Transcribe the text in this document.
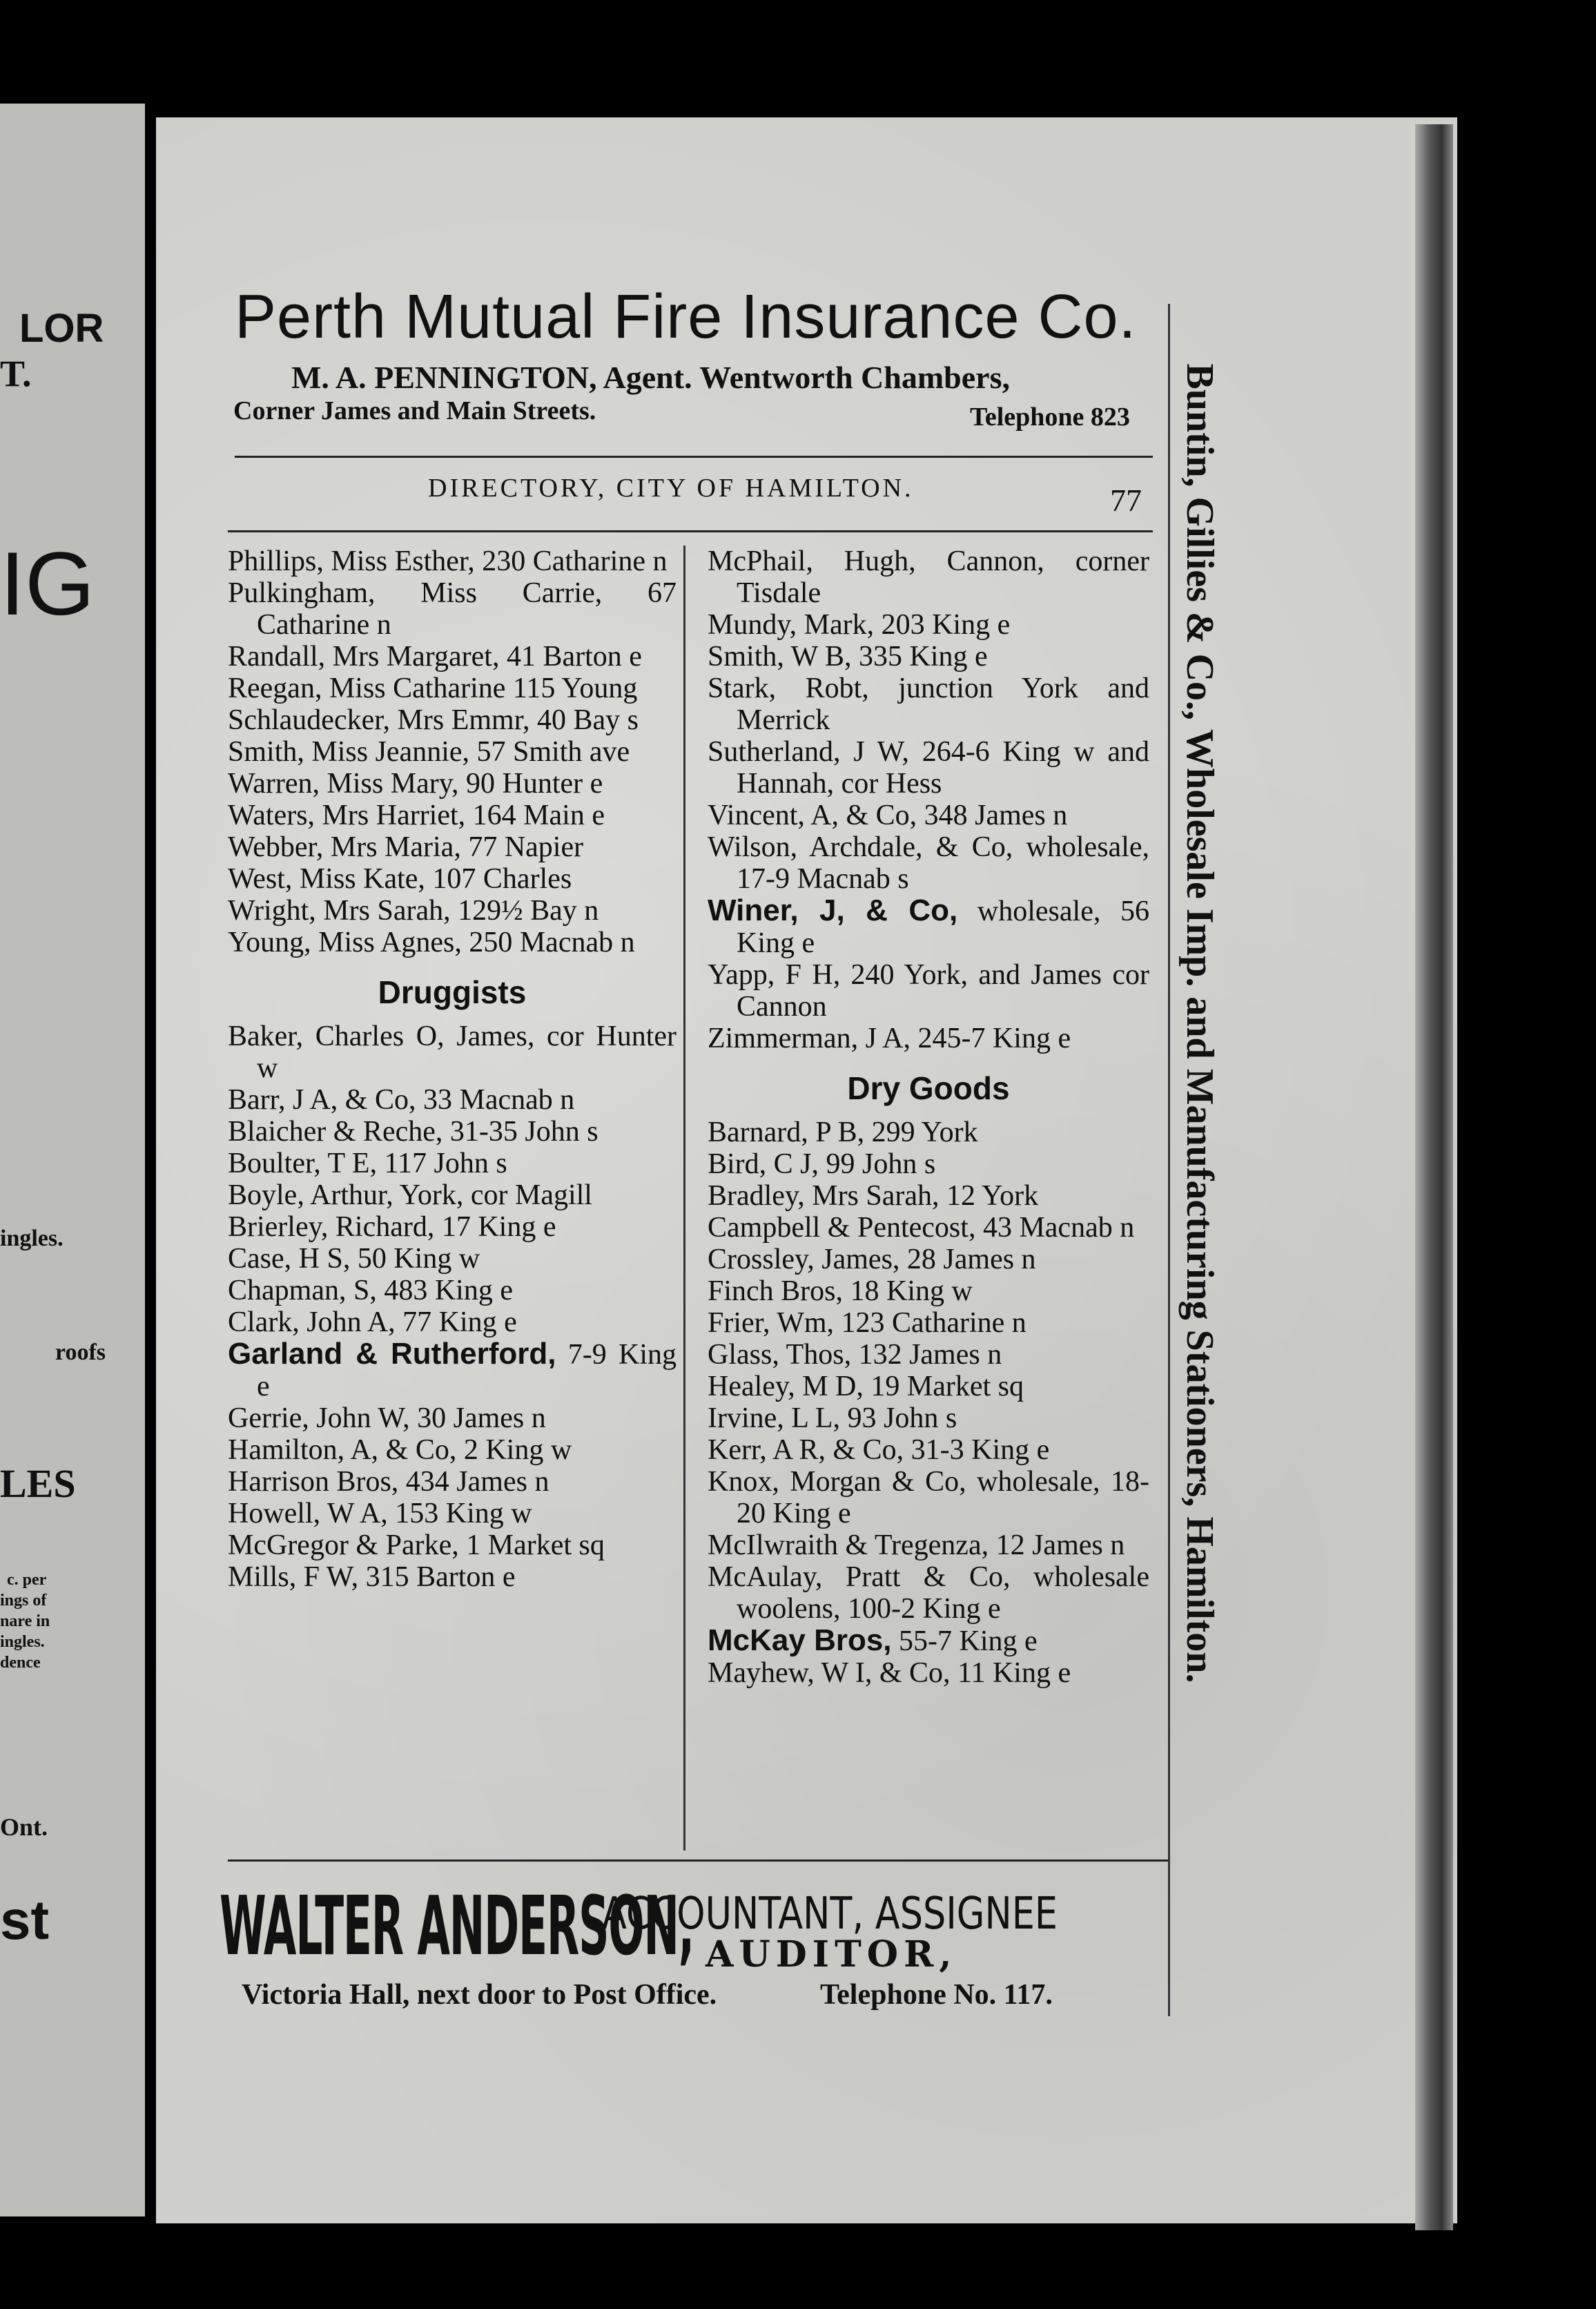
LOR
T.
IG
ingles.
roofs
LES
c. per
ings of
nare in
ingles.
dence
Ont.
st
Perth Mutual Fire Insurance Co.
M. A. PENNINGTON, Agent. Wentworth Chambers,
Corner James and Main Streets.	Telephone 823
DIRECTORY, CITY OF HAMILTON.	77
Phillips, Miss Esther, 230 Catharine n
Pulkingham, Miss Carrie, 67 Catharine n
Randall, Mrs Margaret, 41 Barton e
Reegan, Miss Catharine 115 Young
Schlaudecker, Mrs Emmr, 40 Bay s
Smith, Miss Jeannie, 57 Smith ave
Warren, Miss Mary, 90 Hunter e
Waters, Mrs Harriet, 164 Main e
Webber, Mrs Maria, 77 Napier
West, Miss Kate, 107 Charles
Wright, Mrs Sarah, 129½ Bay n
Young, Miss Agnes, 250 Macnab n
Druggists
Baker, Charles O, James, cor Hunter w
Barr, J A, & Co, 33 Macnab n
Blaicher & Reche, 31-35 John s
Boulter, T E, 117 John s
Boyle, Arthur, York, cor Magill
Brierley, Richard, 17 King e
Case, H S, 50 King w
Chapman, S, 483 King e
Clark, John A, 77 King e
Garland & Rutherford, 7-9 King e
Gerrie, John W, 30 James n
Hamilton, A, & Co, 2 King w
Harrison Bros, 434 James n
Howell, W A, 153 King w
McGregor & Parke, 1 Market sq
Mills, F W, 315 Barton e
McPhail, Hugh, Cannon, corner Tisdale
Mundy, Mark, 203 King e
Smith, W B, 335 King e
Stark, Robt, junction York and Merrick
Sutherland, J W, 264-6 King w and Hannah, cor Hess
Vincent, A, & Co, 348 James n
Wilson, Archdale, & Co, wholesale, 17-9 Macnab s
Winer, J, & Co, wholesale, 56 King e
Yapp, F H, 240 York, and James cor Cannon
Zimmerman, J A, 245-7 King e
Dry Goods
Barnard, P B, 299 York
Bird, C J, 99 John s
Bradley, Mrs Sarah, 12 York
Campbell & Pentecost, 43 Macnab n
Crossley, James, 28 James n
Finch Bros, 18 King w
Frier, Wm, 123 Catharine n
Glass, Thos, 132 James n
Healey, M D, 19 Market sq
Irvine, L L, 93 John s
Kerr, A R, & Co, 31-3 King e
Knox, Morgan & Co, wholesale, 18-20 King e
McIlwraith & Tregenza, 12 James n
McAulay, Pratt & Co, wholesale woolens, 100-2 King e
McKay Bros, 55-7 King e
Mayhew, W I, & Co, 11 King e	Buntin, Gillies & Co., Wholesale Imp. and Manufacturing Stationers, Hamilton.
WALTER ANDERSON,
ACCOUNTANT, ASSIGNEE
AUDITOR,
Victoria Hall, next door to Post Office.	Telephone No. 117.
